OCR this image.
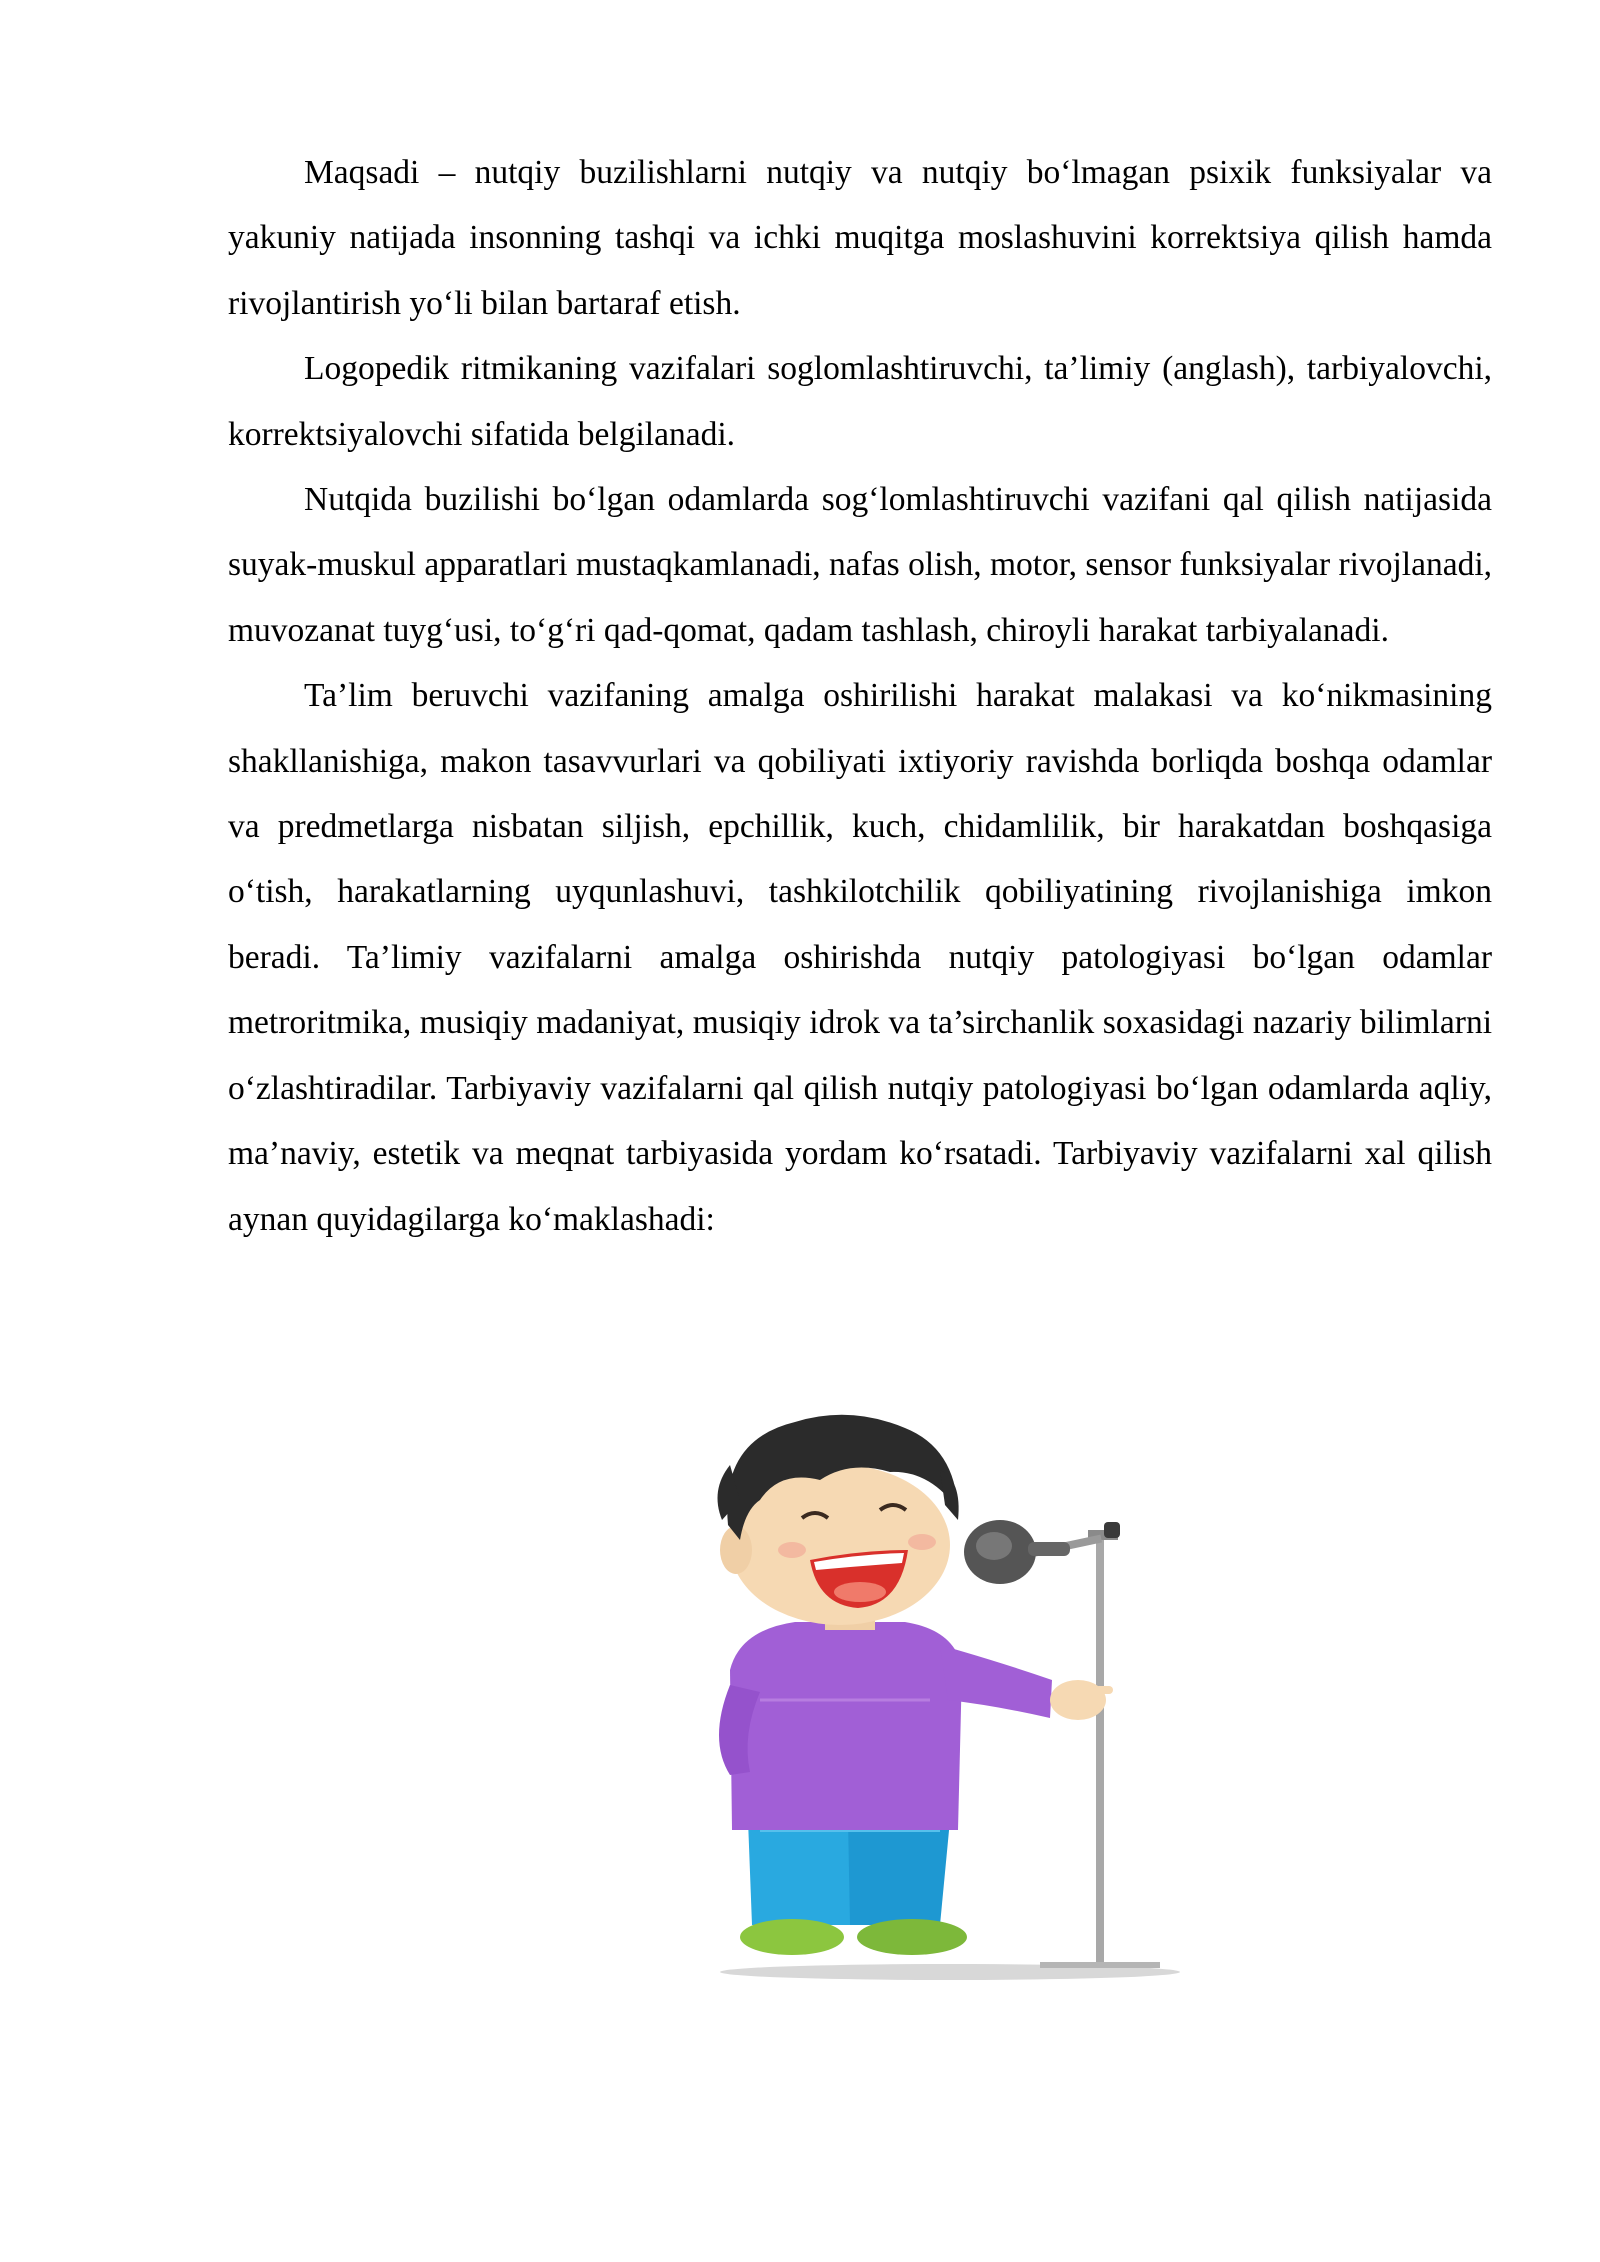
Maqsadi – nutqiy buzilishlarni nutqiy va nutqiy bo‘lmagan psixik funksiyalar va yakuniy natijada insonning tashqi va ichki muqitga moslashuvini korrektsiya qilish hamda rivojlantirish yo‘li bilan bartaraf etish.

Logopedik ritmikaning vazifalari soglomlashtiruvchi, ta’limiy (anglash), tarbiyalovchi, korrektsiyalovchi sifatida belgilanadi.

Nutqida buzilishi bo‘lgan odamlarda sog‘lomlashtiruvchi vazifani qal qilish natijasida suyak-muskul apparatlari mustaqkamlanadi, nafas olish, motor, sensor funksiyalar rivojlanadi, muvozanat tuyg‘usi, to‘g‘ri qad-qomat, qadam tashlash, chiroyli harakat tarbiyalanadi.

Ta’lim beruvchi vazifaning amalga oshirilishi harakat malakasi va ko‘nikmasining shakllanishiga, makon tasavvurlari va qobiliyati ixtiyoriy ravishda borliqda boshqa odamlar va predmetlarga nisbatan siljish, epchillik, kuch, chidamlilik, bir harakatdan boshqasiga o‘tish, harakatlarning uyqunlashuvi, tashkilotchilik qobiliyatining rivojlanishiga imkon beradi. Ta’limiy vazifalarni amalga oshirishda nutqiy patologiyasi bo‘lgan odamlar metroritmika, musiqiy madaniyat, musiqiy idrok va ta’sirchanlik soxasidagi nazariy bilimlarni o‘zlashtiradilar. Tarbiyaviy vazifalarni qal qilish nutqiy patologiyasi bo‘lgan odamlarda aqliy, ma’naviy, estetik va meqnat tarbiyasida yordam ko‘rsatadi. Tarbiyaviy vazifalarni xal qilish aynan quyidagilarga ko‘maklashadi:
